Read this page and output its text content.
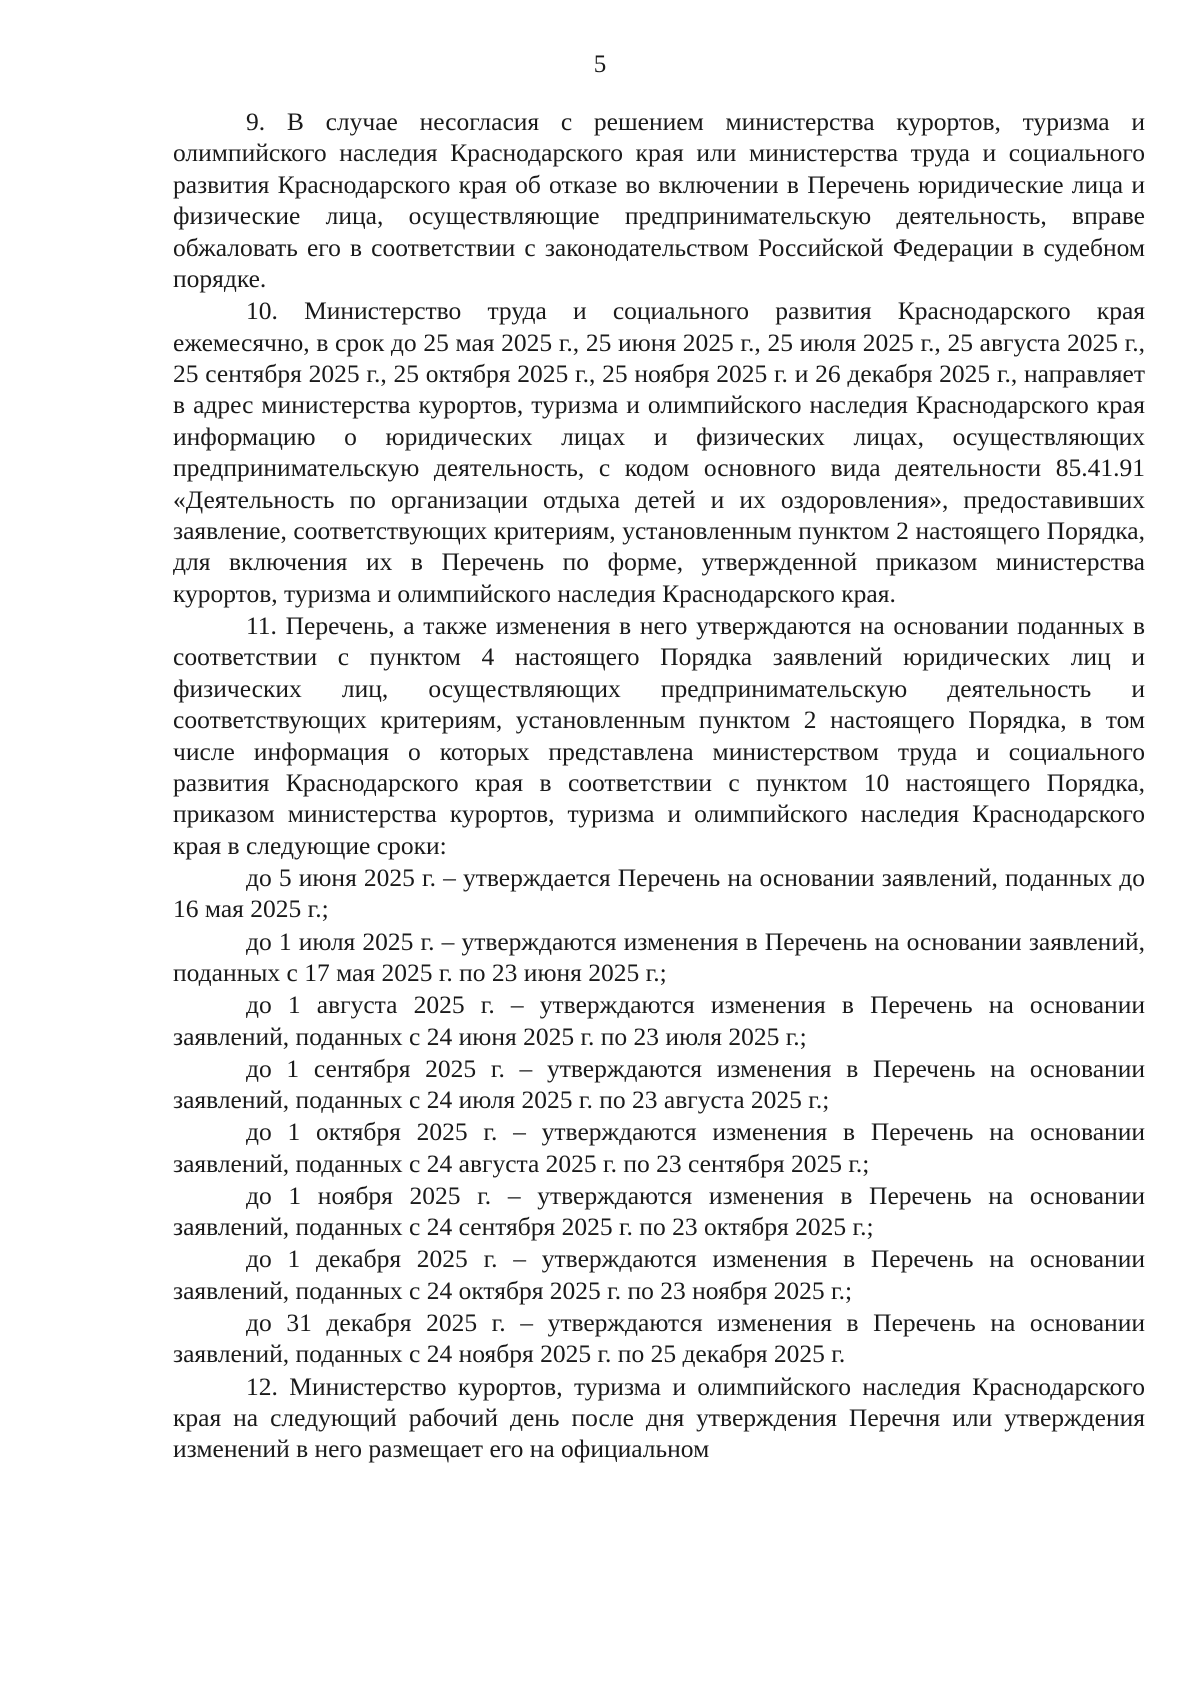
5

9. В случае несогласия с решением министерства курортов, туризма и олимпийского наследия Краснодарского края или министерства труда и социального развития Краснодарского края об отказе во включении в Перечень юридические лица и физические лица, осуществляющие предпринимательскую деятельность, вправе обжаловать его в соответствии с законодательством Российской Федерации в судебном порядке.

10. Министерство труда и социального развития Краснодарского края ежемесячно, в срок до 25 мая 2025 г., 25 июня 2025 г., 25 июля 2025 г., 25 августа 2025 г., 25 сентября 2025 г., 25 октября 2025 г., 25 ноября 2025 г. и 26 декабря 2025 г., направляет в адрес министерства курортов, туризма и олимпийского наследия Краснодарского края информацию о юридических лицах и физических лицах, осуществляющих предпринимательскую деятельность, с кодом основного вида деятельности 85.41.91 «Деятельность по организации отдыха детей и их оздоровления», предоставивших заявление, соответствующих критериям, установленным пунктом 2 настоящего Порядка, для включения их в Перечень по форме, утвержденной приказом министерства курортов, туризма и олимпийского наследия Краснодарского края.

11. Перечень, а также изменения в него утверждаются на основании поданных в соответствии с пунктом 4 настоящего Порядка заявлений юридических лиц и физических лиц, осуществляющих предпринимательскую деятельность и соответствующих критериям, установленным пунктом 2 настоящего Порядка, в том числе информация о которых представлена министерством труда и социального развития Краснодарского края в соответствии с пунктом 10 настоящего Порядка, приказом министерства курортов, туризма и олимпийского наследия Краснодарского края в следующие сроки:

до 5 июня 2025 г. – утверждается Перечень на основании заявлений, поданных до 16 мая 2025 г.;

до 1 июля 2025 г. – утверждаются изменения в Перечень на основании заявлений, поданных с 17 мая 2025 г. по 23 июня 2025 г.;

до 1 августа 2025 г. – утверждаются изменения в Перечень на основании заявлений, поданных с 24 июня 2025 г. по 23 июля 2025 г.;

до 1 сентября 2025 г. – утверждаются изменения в Перечень на основании заявлений, поданных с 24 июля 2025 г. по 23 августа 2025 г.;

до 1 октября 2025 г. – утверждаются изменения в Перечень на основании заявлений, поданных с 24 августа 2025 г. по 23 сентября 2025 г.;

до 1 ноября 2025 г. – утверждаются изменения в Перечень на основании заявлений, поданных с 24 сентября 2025 г. по 23 октября 2025 г.;

до 1 декабря 2025 г. – утверждаются изменения в Перечень на основании заявлений, поданных с 24 октября 2025 г. по 23 ноября 2025 г.;

до 31 декабря 2025 г. – утверждаются изменения в Перечень на основании заявлений, поданных с 24 ноября 2025 г. по 25 декабря 2025 г.

12. Министерство курортов, туризма и олимпийского наследия Краснодарского края на следующий рабочий день после дня утверждения Перечня или утверждения изменений в него размещает его на официальном
